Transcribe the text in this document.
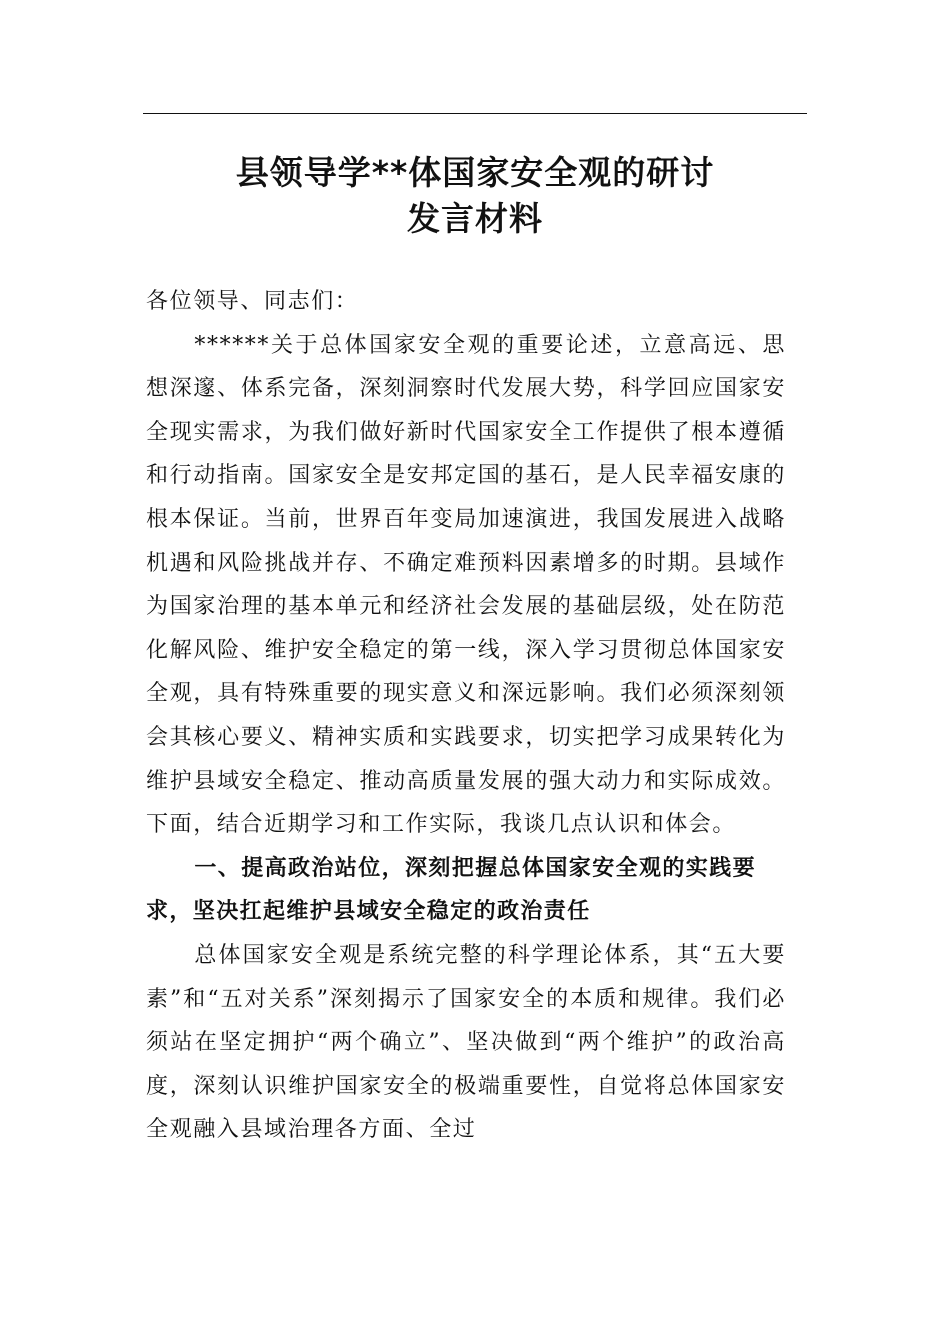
县领导学**体国家安全观的研讨
发言材料

各位领导、同志们：

******关于总体国家安全观的重要论述，立意高远、思想深邃、体系完备，深刻洞察时代发展大势，科学回应国家安全现实需求，为我们做好新时代国家安全工作提供了根本遵循和行动指南。国家安全是安邦定国的基石，是人民幸福安康的根本保证。当前，世界百年变局加速演进，我国发展进入战略机遇和风险挑战并存、不确定难预料因素增多的时期。县域作为国家治理的基本单元和经济社会发展的基础层级，处在防范化解风险、维护安全稳定的第一线，深入学习贯彻总体国家安全观，具有特殊重要的现实意义和深远影响。我们必须深刻领会其核心要义、精神实质和实践要求，切实把学习成果转化为维护县域安全稳定、推动高质量发展的强大动力和实际成效。下面，结合近期学习和工作实际，我谈几点认识和体会。

一、提高政治站位，深刻把握总体国家安全观的实践要求，坚决扛起维护县域安全稳定的政治责任

总体国家安全观是系统完整的科学理论体系，其“五大要素”和“五对关系”深刻揭示了国家安全的本质和规律。我们必须站在坚定拥护“两个确立”、坚决做到“两个维护”的政治高度，深刻认识维护国家安全的极端重要性，自觉将总体国家安全观融入县域治理各方面、全过
